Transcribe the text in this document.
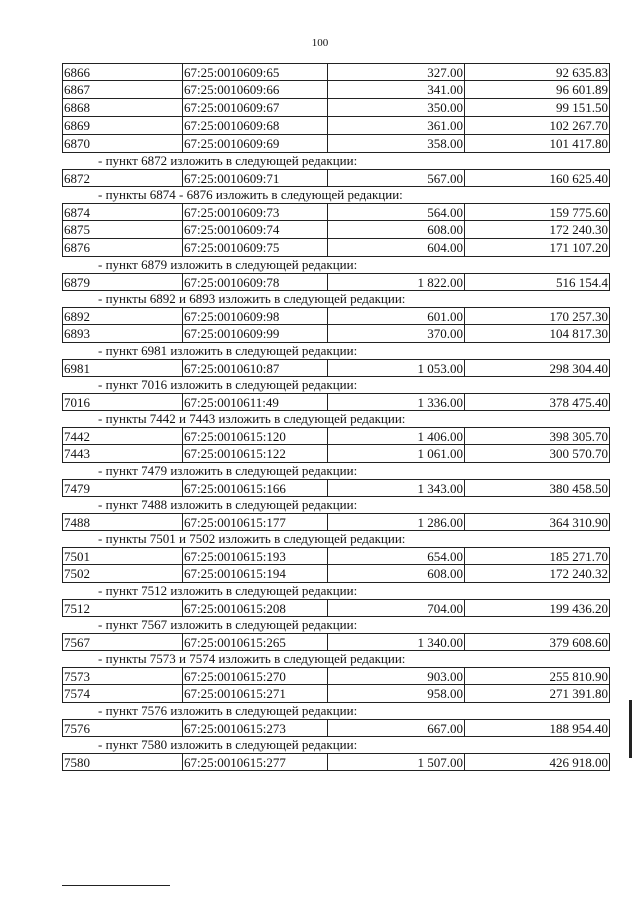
100
6866	67:25:0010609:65	327.00	92 635.83
6867	67:25:0010609:66	341.00	96 601.89
6868	67:25:0010609:67	350.00	99 151.50
6869	67:25:0010609:68	361.00	102 267.70
6870	67:25:0010609:69	358.00	101 417.80
- пункт 6872 изложить в следующей редакции:
6872	67:25:0010609:71	567.00	160 625.40
- пункты 6874 - 6876 изложить в следующей редакции:
6874	67:25:0010609:73	564.00	159 775.60
6875	67:25:0010609:74	608.00	172 240.30
6876	67:25:0010609:75	604.00	171 107.20
- пункт 6879 изложить в следующей редакции:
6879	67:25:0010609:78	1 822.00	516 154.4
- пункты 6892 и 6893 изложить в следующей редакции:
6892	67:25:0010609:98	601.00	170 257.30
6893	67:25:0010609:99	370.00	104 817.30
- пункт 6981 изложить в следующей редакции:
6981	67:25:0010610:87	1 053.00	298 304.40
- пункт 7016 изложить в следующей редакции:
7016	67:25:0010611:49	1 336.00	378 475.40
- пункты 7442 и 7443 изложить в следующей редакции:
7442	67:25:0010615:120	1 406.00	398 305.70
7443	67:25:0010615:122	1 061.00	300 570.70
- пункт 7479 изложить в следующей редакции:
7479	67:25:0010615:166	1 343.00	380 458.50
- пункт 7488 изложить в следующей редакции:
7488	67:25:0010615:177	1 286.00	364 310.90
- пункты 7501 и 7502 изложить в следующей редакции:
7501	67:25:0010615:193	654.00	185 271.70
7502	67:25:0010615:194	608.00	172 240.32
- пункт 7512 изложить в следующей редакции:
7512	67:25:0010615:208	704.00	199 436.20
- пункт 7567 изложить в следующей редакции:
7567	67:25:0010615:265	1 340.00	379 608.60
- пункты 7573 и 7574 изложить в следующей редакции:
7573	67:25:0010615:270	903.00	255 810.90
7574	67:25:0010615:271	958.00	271 391.80
- пункт 7576 изложить в следующей редакции:
7576	67:25:0010615:273	667.00	188 954.40
- пункт 7580 изложить в следующей редакции:
7580	67:25:0010615:277	1 507.00	426 918.00
